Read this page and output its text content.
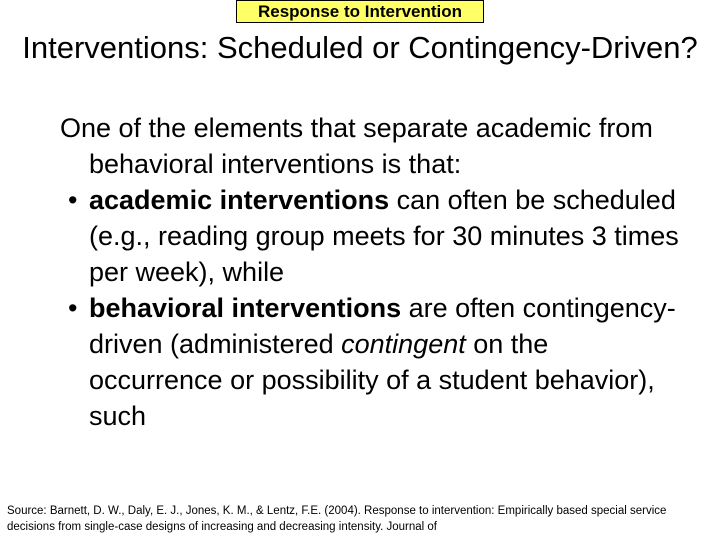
Response to Intervention
Interventions: Scheduled or Contingency-Driven?

One of the elements that separate academic from behavioral interventions is that:

• academic interventions can often be scheduled (e.g., reading group meets for 30 minutes 3 times per week), while

• behavioral interventions are often contingency-driven (administered contingent on the occurrence or possibility of a student behavior), such

Source: Barnett, D. W., Daly, E. J., Jones, K. M., & Lentz, F.E. (2004). Response to intervention: Empirically based special service decisions from single-case designs of increasing and decreasing intensity. Journal of
